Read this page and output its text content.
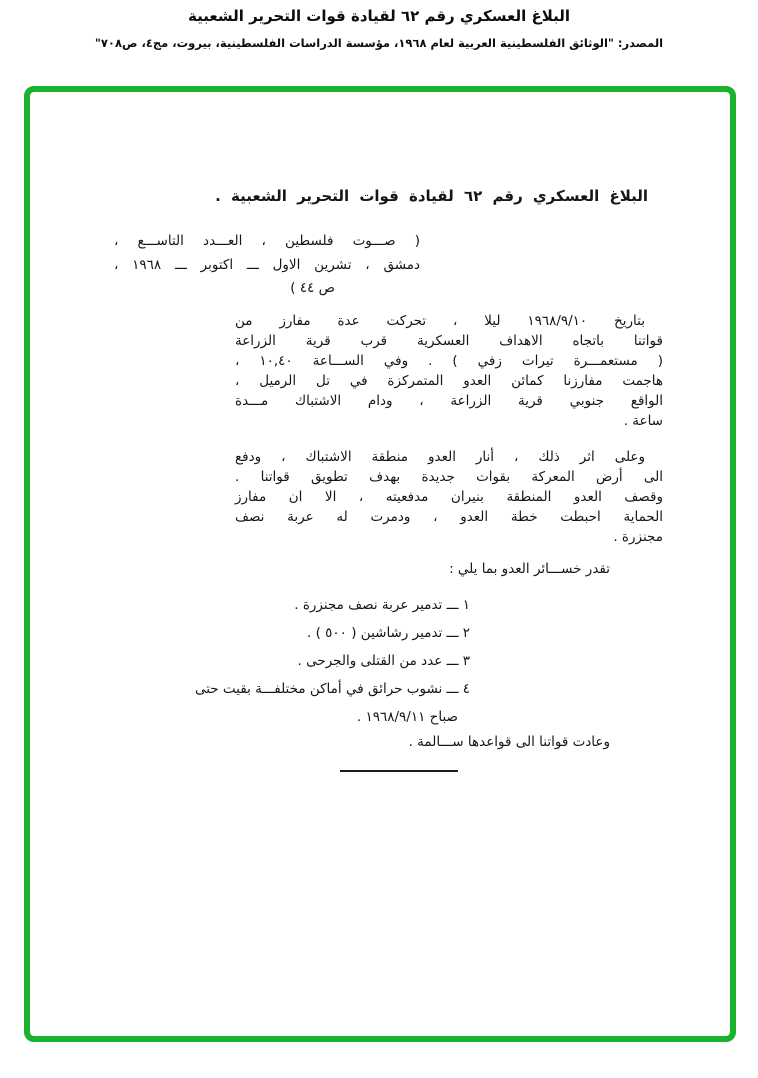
البلاغ العسكري رقم ٦٢ لقيادة قوات التحرير الشعبية
المصدر: "الوثائق الفلسطينية العربية لعام ١٩٦٨، مؤسسة الدراسات الفلسطينية، بيروت، مج٤، ص٧٠٨"
البلاغ العسكري رقم ٦٢ لقيادة قوات التحرير الشعبية .
( صـــوت فلسطين ، العـــدد التاســـع ،
دمشق ، تشرين الاول ـــ اكتوبر ـــ ١٩٦٨ ،
ص ٤٤ )
بتاريخ ١٩٦٨/٩/١٠ ليلا ، تحركت عدة مفارز من
قواتنا باتجاه الاهداف العسكرية قرب قرية الزراعة
( مستعمـــرة تيرات زفي ) . وفي الســـاعة ١٠,٤٠ ،
هاجمت مفارزنا كمائن العدو المتمركزة في تل الرميل ،
الواقع جنوبي قرية الزراعة ، ودام الاشتباك مـــدة
ساعة .
وعلى اثر ذلك ، أنار العدو منطقة الاشتباك ، ودفع
الى أرض المعركة بقوات جديدة بهدف تطويق قواتنا .
وقصف العدو المنطقة بنيران مدفعيته ، الا ان مفارز
الحماية احبطت خطة العدو ، ودمرت له عربة نصف
مجنزرة .
تقدر خســـائر العدو بما يلي :
١ ـــ تدمير عربة نصف مجنزرة .
٢ ـــ تدمير رشاشين ( ٥٠٠ ) .
٣ ـــ عدد من القتلى والجرحى .
٤ ـــ نشوب حرائق في أماكن مختلفـــة بقيت حتى
صباح ١٩٦٨/٩/١١ .
وعادت قواتنا الى قواعدها ســـالمة .
